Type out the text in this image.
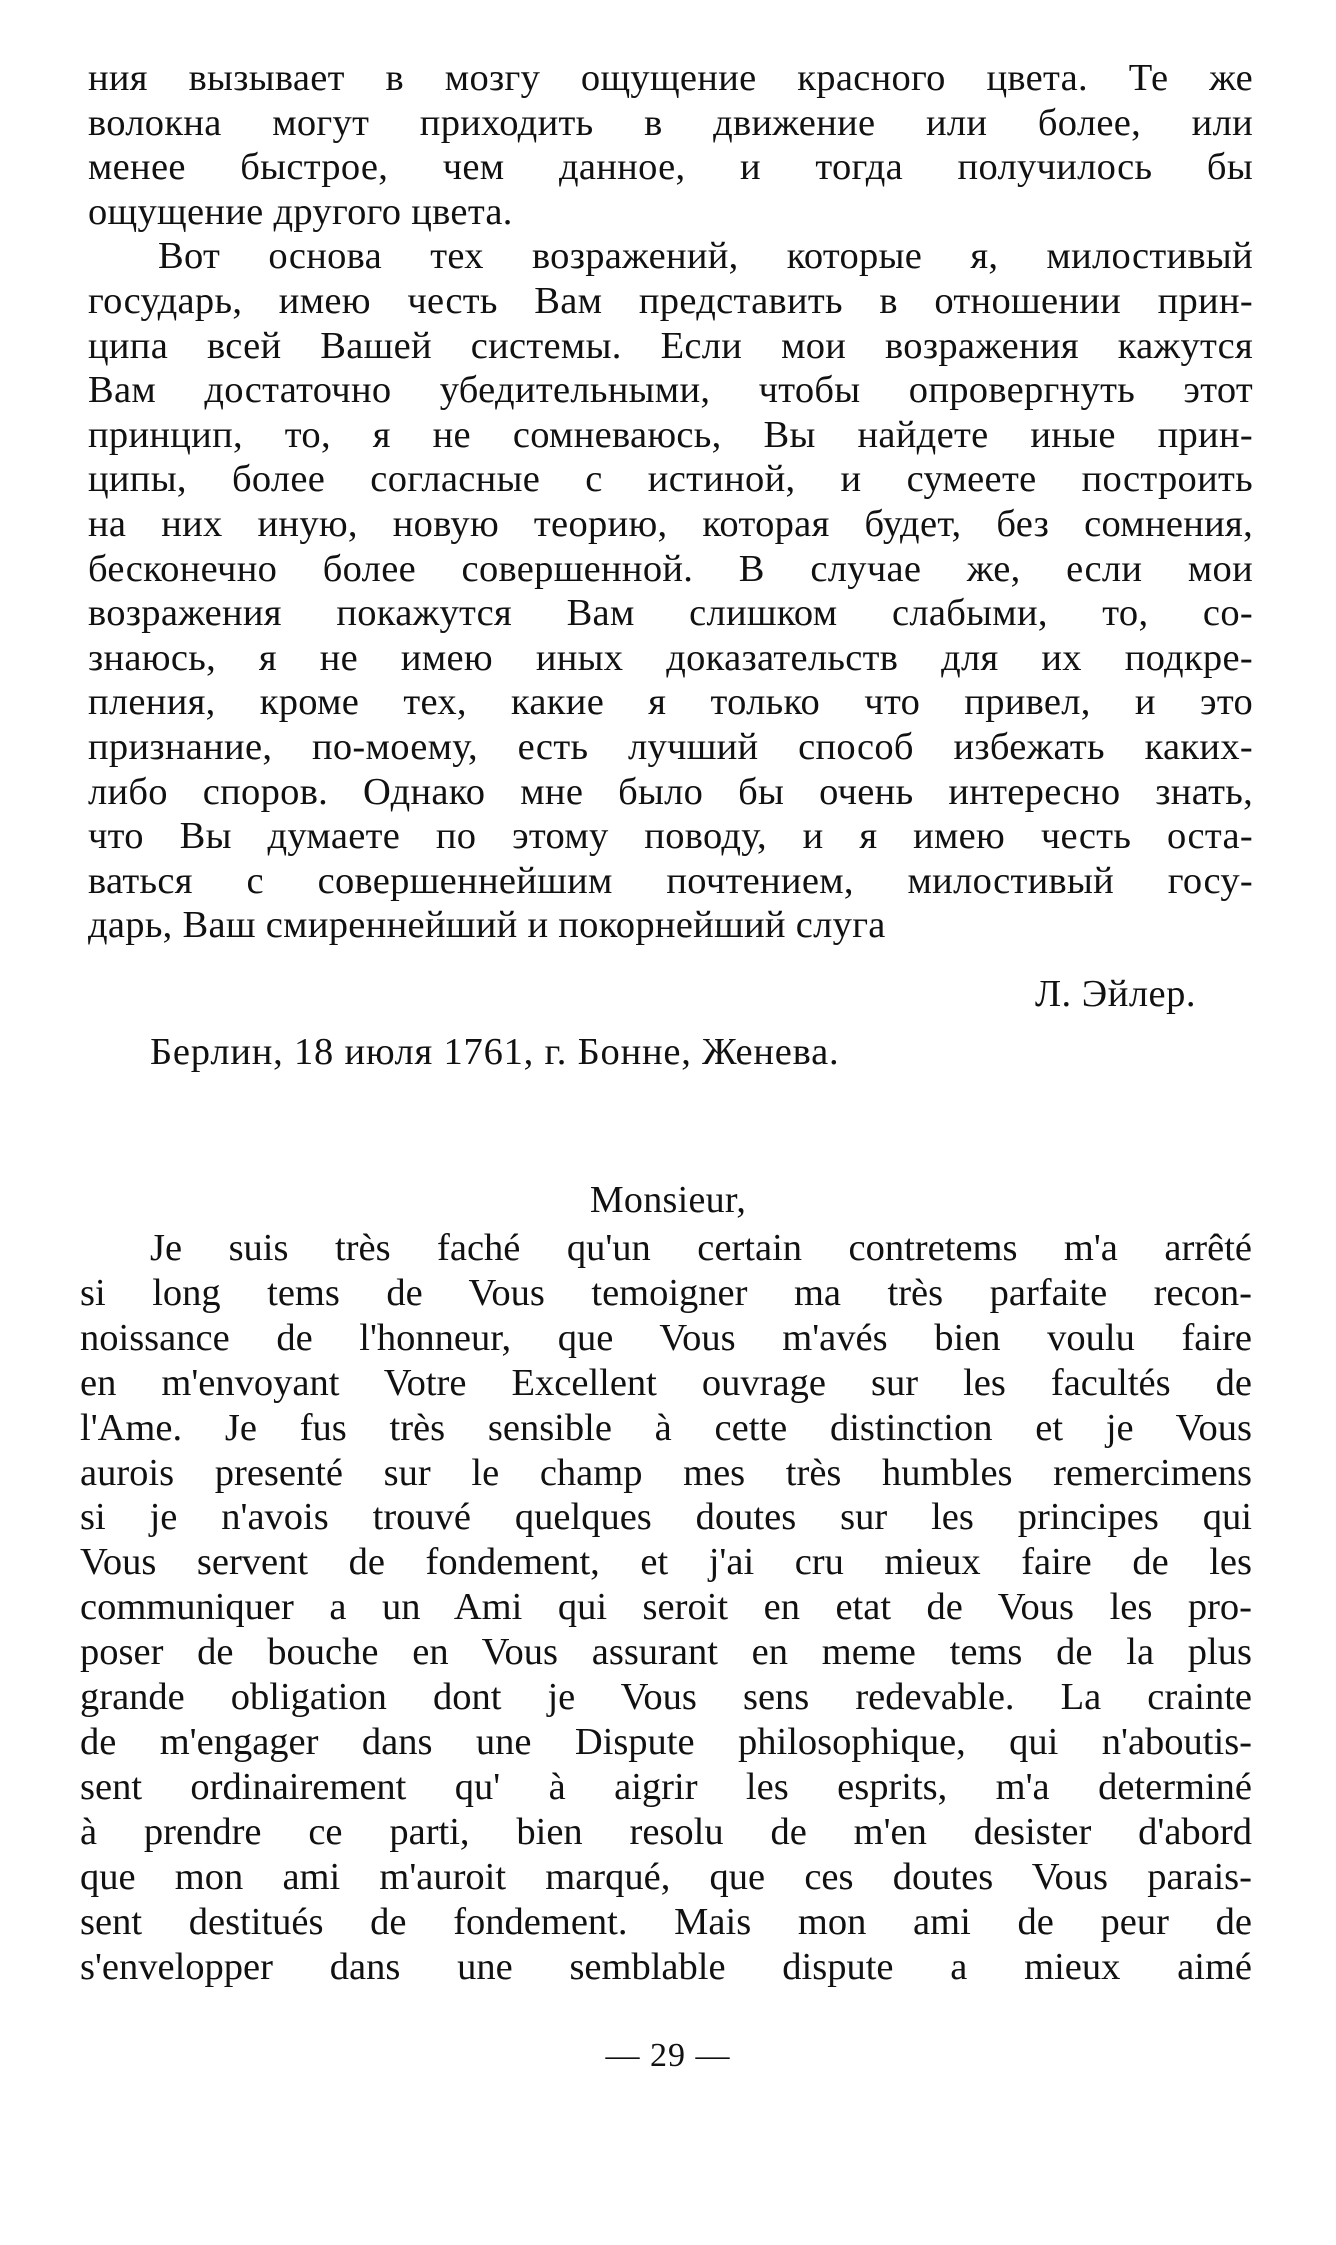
ния вызывает в мозгу ощущение красного цвета. Те же
волокна могут приходить в движение или более, или
менее быстрое, чем данное, и тогда получилось бы
ощущение другого цвета.
Вот основа тех возражений, которые я, милостивый
государь, имею честь Вам представить в отношении прин-
ципа всей Вашей системы. Если мои возражения кажутся
Вам достаточно убедительными, чтобы опровергнуть этот
принцип, то, я не сомневаюсь, Вы найдете иные прин-
ципы, более согласные с истиной, и сумеете построить
на них иную, новую теорию, которая будет, без сомнения,
бесконечно более совершенной. В случае же, если мои
возражения покажутся Вам слишком слабыми, то, со-
знаюсь, я не имею иных доказательств для их подкре-
пления, кроме тех, какие я только что привел, и это
признание, по-моему, есть лучший способ избежать каких-
либо споров. Однако мне было бы очень интересно знать,
что Вы думаете по этому поводу, и я имею честь оста-
ваться с совершеннейшим почтением, милостивый госу-
дарь, Ваш смиреннейший и покорнейший слуга
Л. Эйлер.
Берлин, 18 июля 1761, г. Бонне, Женева.
Monsieur,
Je suis très faché qu'un certain contretems m'a arrêté
si long tems de Vous temoigner ma très parfaite recon-
noissance de l'honneur, que Vous m'avés bien voulu faire
en m'envoyant Votre Excellent ouvrage sur les facultés de
l'Ame. Je fus très sensible à cette distinction et je Vous
aurois presenté sur le champ mes très humbles remercimens
si je n'avois trouvé quelques doutes sur les principes qui
Vous servent de fondement, et j'ai cru mieux faire de les
communiquer a un Ami qui seroit en etat de Vous les pro-
poser de bouche en Vous assurant en meme tems de la plus
grande obligation dont je Vous sens redevable. La crainte
de m'engager dans une Dispute philosophique, qui n'aboutis-
sent ordinairement qu' à aigrir les esprits, m'a determiné
à prendre ce parti, bien resolu de m'en desister d'abord
que mon ami m'auroit marqué, que ces doutes Vous parais-
sent destitués de fondement. Mais mon ami de peur de
s'envelopper dans une semblable dispute a mieux aimé
— 29 —
